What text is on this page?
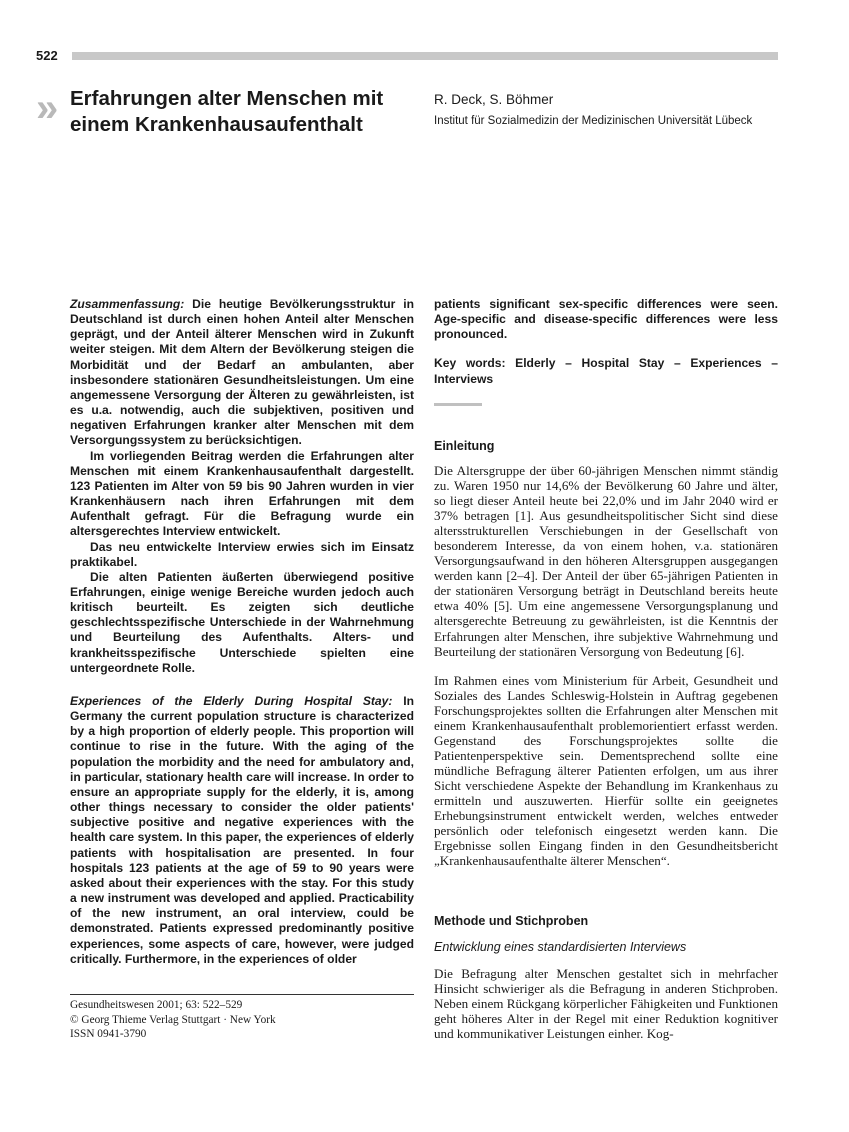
522
» Erfahrungen alter Menschen mit einem Krankenhausaufenthalt
R. Deck, S. Böhmer
Institut für Sozialmedizin der Medizinischen Universität Lübeck

Zusammenfassung: Die heutige Bevölkerungsstruktur in Deutschland ist durch einen hohen Anteil alter Menschen geprägt, und der Anteil älterer Menschen wird in Zukunft weiter steigen. Mit dem Altern der Bevölkerung steigen die Morbidität und der Bedarf an ambulanten, aber insbesondere stationären Gesundheitsleistungen. Um eine angemessene Versorgung der Älteren zu gewährleisten, ist es u.a. notwendig, auch die subjektiven, positiven und negativen Erfahrungen kranker alter Menschen mit dem Versorgungssystem zu berücksichtigen.

Im vorliegenden Beitrag werden die Erfahrungen alter Menschen mit einem Krankenhausaufenthalt dargestellt. 123 Patienten im Alter von 59 bis 90 Jahren wurden in vier Krankenhäusern nach ihren Erfahrungen mit dem Aufenthalt gefragt. Für die Befragung wurde ein altersgerechtes Interview entwickelt.

Das neu entwickelte Interview erwies sich im Einsatz praktikabel.

Die alten Patienten äußerten überwiegend positive Erfahrungen, einige wenige Bereiche wurden jedoch auch kritisch beurteilt. Es zeigten sich deutliche geschlechtsspezifische Unterschiede in der Wahrnehmung und Beurteilung des Aufenthalts. Alters- und krankheitsspezifische Unterschiede spielten eine untergeordnete Rolle.

Experiences of the Elderly During Hospital Stay: In Germany the current population structure is characterized by a high proportion of elderly people. This proportion will continue to rise in the future. With the aging of the population the morbidity and the need for ambulatory and, in particular, stationary health care will increase. In order to ensure an appropriate supply for the elderly, it is, among other things necessary to consider the older patients' subjective positive and negative experiences with the health care system. In this paper, the experiences of elderly patients with hospitalisation are presented. In four hospitals 123 patients at the age of 59 to 90 years were asked about their experiences with the stay. For this study a new instrument was developed and applied. Practicability of the new instrument, an oral interview, could be demonstrated. Patients expressed predominantly positive experiences, some aspects of care, however, were judged critically. Furthermore, in the experiences of older

patients significant sex-specific differences were seen. Age-specific and disease-specific differences were less pronounced.

Key words: Elderly – Hospital Stay – Experiences – Interviews

Einleitung

Die Altersgruppe der über 60-jährigen Menschen nimmt ständig zu. Waren 1950 nur 14,6% der Bevölkerung 60 Jahre und älter, so liegt dieser Anteil heute bei 22,0% und im Jahr 2040 wird er 37% betragen [1]. Aus gesundheitspolitischer Sicht sind diese altersstrukturellen Verschiebungen in der Gesellschaft von besonderem Interesse, da von einem hohen, v.a. stationären Versorgungsaufwand in den höheren Altersgruppen ausgegangen werden kann [2–4]. Der Anteil der über 65-jährigen Patienten in der stationären Versorgung beträgt in Deutschland bereits heute etwa 40% [5]. Um eine angemessene Versorgungsplanung und altersgerechte Betreuung zu gewährleisten, ist die Kenntnis der Erfahrungen alter Menschen, ihre subjektive Wahrnehmung und Beurteilung der stationären Versorgung von Bedeutung [6].

Im Rahmen eines vom Ministerium für Arbeit, Gesundheit und Soziales des Landes Schleswig-Holstein in Auftrag gegebenen Forschungsprojektes sollten die Erfahrungen alter Menschen mit einem Krankenhausaufenthalt problemorientiert erfasst werden. Gegenstand des Forschungsprojektes sollte die Patientenperspektive sein. Dementsprechend sollte eine mündliche Befragung älterer Patienten erfolgen, um aus ihrer Sicht verschiedene Aspekte der Behandlung im Krankenhaus zu ermitteln und auszuwerten. Hierfür sollte ein geeignetes Erhebungsinstrument entwickelt werden, welches entweder persönlich oder telefonisch eingesetzt werden kann. Die Ergebnisse sollen Eingang finden in den Gesundheitsbericht „Krankenhausaufenthalte älterer Menschen“.

Methode und Stichproben
Entwicklung eines standardisierten Interviews

Die Befragung alter Menschen gestaltet sich in mehrfacher Hinsicht schwieriger als die Befragung in anderen Stichproben. Neben einem Rückgang körperlicher Fähigkeiten und Funktionen geht höheres Alter in der Regel mit einer Reduktion kognitiver und kommunikativer Leistungen einher. Kog-

Gesundheitswesen 2001; 63: 522–529
© Georg Thieme Verlag Stuttgart · New York
ISSN 0941-3790
